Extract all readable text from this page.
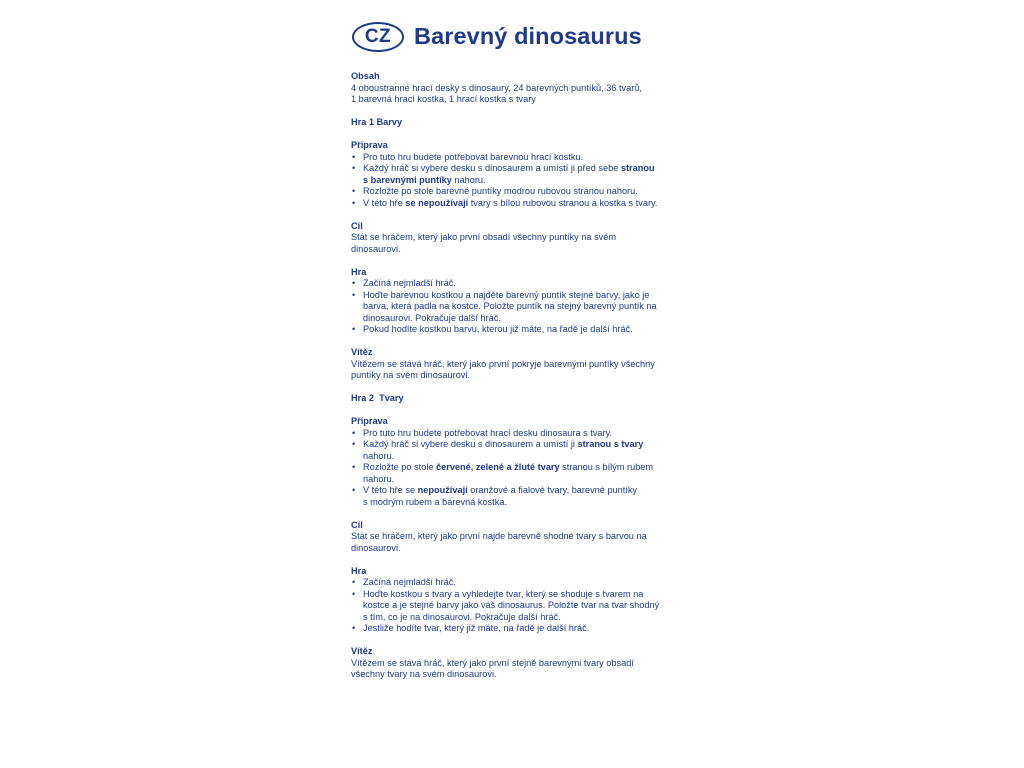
CZ Barevný dinosaurus
Obsah
4 oboustranné hrací desky s dinosaury, 24 barevných puntíků, 36 tvarů,
1 barevná hrací kostka, 1 hrací kostka s tvary
Hra 1 Barvy
Příprava
• Pro tuto hru budete potřebovat barevnou hrací kostku.
• Každý hráč si vybere desku s dinosaurem a umístí ji před sebe stranou
s barevnými puntíky nahoru.
• Rozložte po stole barevné puntíky modrou rubovou stranou nahoru.
• V této hře se nepoužívají tvary s bílou rubovou stranou a kostka s tvary.
Cíl
Stát se hráčem, který jako první obsadí všechny puntíky na svém
dinosaurovi.
Hra
• Začíná nejmladší hráč.
• Hoďte barevnou kostkou a najděte barevný puntík stejné barvy, jako je
barva, která padla na kostce. Položte puntík na stejný barevný puntík na
dinosaurovi. Pokračuje další hráč.
• Pokud hodíte kostkou barvu, kterou již máte, na řadě je další hráč.
Vítěz
Vítězem se stává hráč, který jako první pokryje barevnými puntíky všechny
puntíky na svém dinosaurovi.
Hra 2  Tvary
Příprava
• Pro tuto hru budete potřebovat hrací desku dinosaura s tvary.
• Každý hráč si vybere desku s dinosaurem a umístí ji stranou s tvary
nahoru.
• Rozložte po stole červené, zelené a žluté tvary stranou s bílým rubem
nahoru.
• V této hře se nepoužívají oranžové a fialové tvary, barevné puntíky
s modrým rubem a barevná kostka.
Cíl
Stát se hráčem, který jako první najde barevně shodné tvary s barvou na
dinosaurovi.
Hra
• Začíná nejmladší hráč.
• Hoďte kostkou s tvary a vyhledejte tvar, který se shoduje s tvarem na
kostce a je stejné barvy jako váš dinosaurus. Položte tvar na tvar shodný
s tím, co je na dinosaurovi. Pokračuje další hráč.
• Jestliže hodíte tvar, který již máte, na řadě je další hráč.
Vítěz
Vítězem se stává hráč, který jako první stejně barevnými tvary obsadí
všechny tvary na svém dinosaurovi.
